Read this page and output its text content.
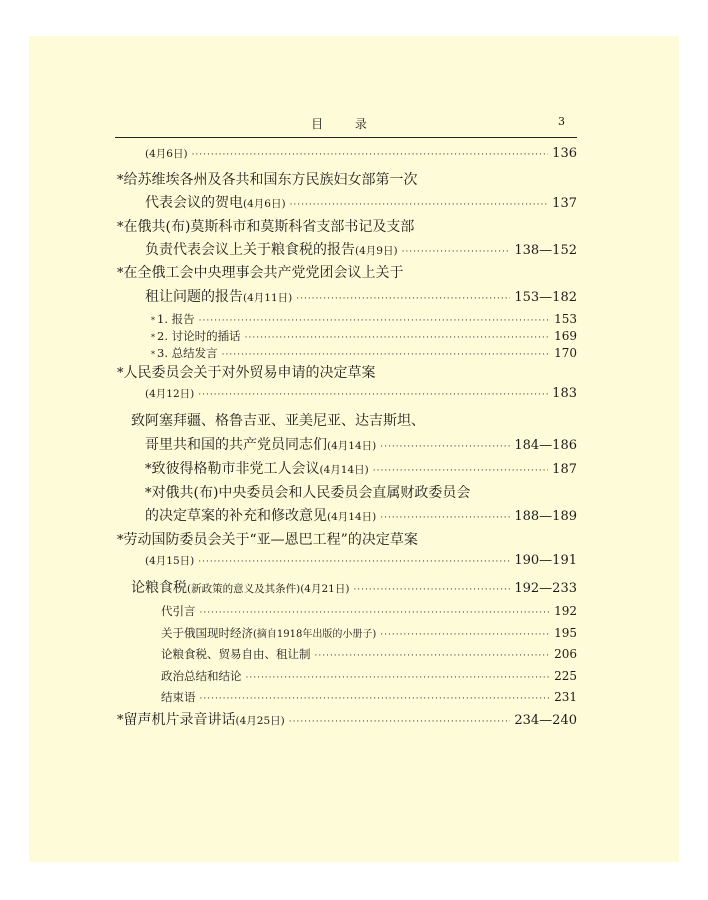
目 录	3
(4月6日) ·····	136
* 给苏维埃各州及各共和国东方民族妇女部第一次
代表会议的贺电 (4月6日) ·····	137
* 在俄共(布)莫斯科市和莫斯科省支部书记及支部
负责代表会议上关于粮食税的报告 (4月9日) ·····	138—152
* 在全俄工会中央理事会共产党党团会议上关于
租让问题的报告 (4月11日) ·····	153—182
* 1. 报告 ·····	153
* 2. 讨论时的插话 ·····	169
* 3. 总结发言 ·····	170
* 人民委员会关于对外贸易申请的决定草案
(4月12日) ·····	183
致阿塞拜疆、格鲁吉亚、亚美尼亚、达吉斯坦、
哥里共和国的共产党员同志们 (4月14日) ·····	184—186
* 致彼得格勒市非党工人会议 (4月14日) ·····	187
* 对俄共(布)中央委员会和人民委员会直属财政委员会
的决定草案的补充和修改意见 (4月14日) ·····	188—189
* 劳动国防委员会关于“亚—恩巴工程”的决定草案
(4月15日) ·····	190—191
论粮食税 (新政策的意义及其条件)(4月21日) ·····	192—233
代引言 ·····	192
关于俄国现时经济 (摘自1918年出版的小册子) ·····	195
论粮食税、贸易自由、租让制 ·····	206
政治总结和结论 ·····	225
结束语 ·····	231
* 留声机片录音讲话 (4月25日) ·····	234—240
